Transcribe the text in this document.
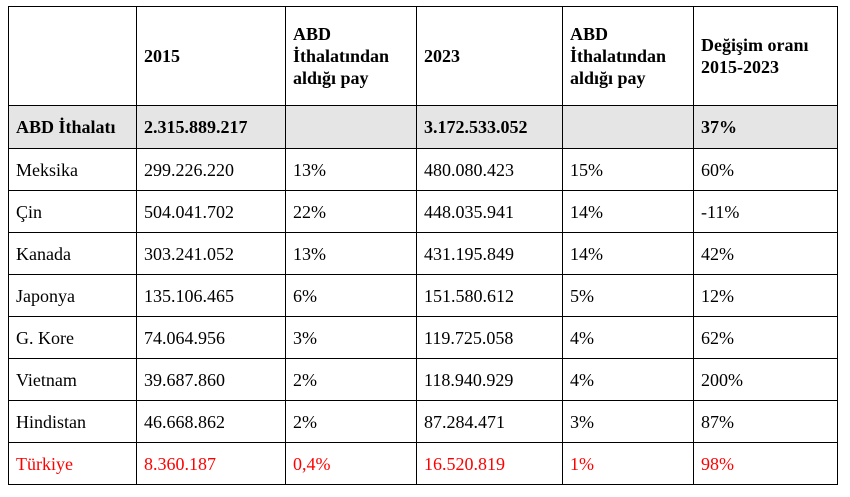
	2015	ABD
İthalatından
aldığı pay	2023	ABD
İthalatından
aldığı pay	Değişim oranı
2015-2023

ABD İthalatı	2.315.889.217		3.172.533.052		37%
Meksika	299.226.220	13%	480.080.423	15%	60%
Çin	504.041.702	22%	448.035.941	14%	-11%
Kanada	303.241.052	13%	431.195.849	14%	42%
Japonya	135.106.465	6%	151.580.612	5%	12%
G. Kore	74.064.956	3%	119.725.058	4%	62%
Vietnam	39.687.860	2%	118.940.929	4%	200%
Hindistan	46.668.862	2%	87.284.471	3%	87%
Türkiye	8.360.187	0,4%	16.520.819	1%	98%
